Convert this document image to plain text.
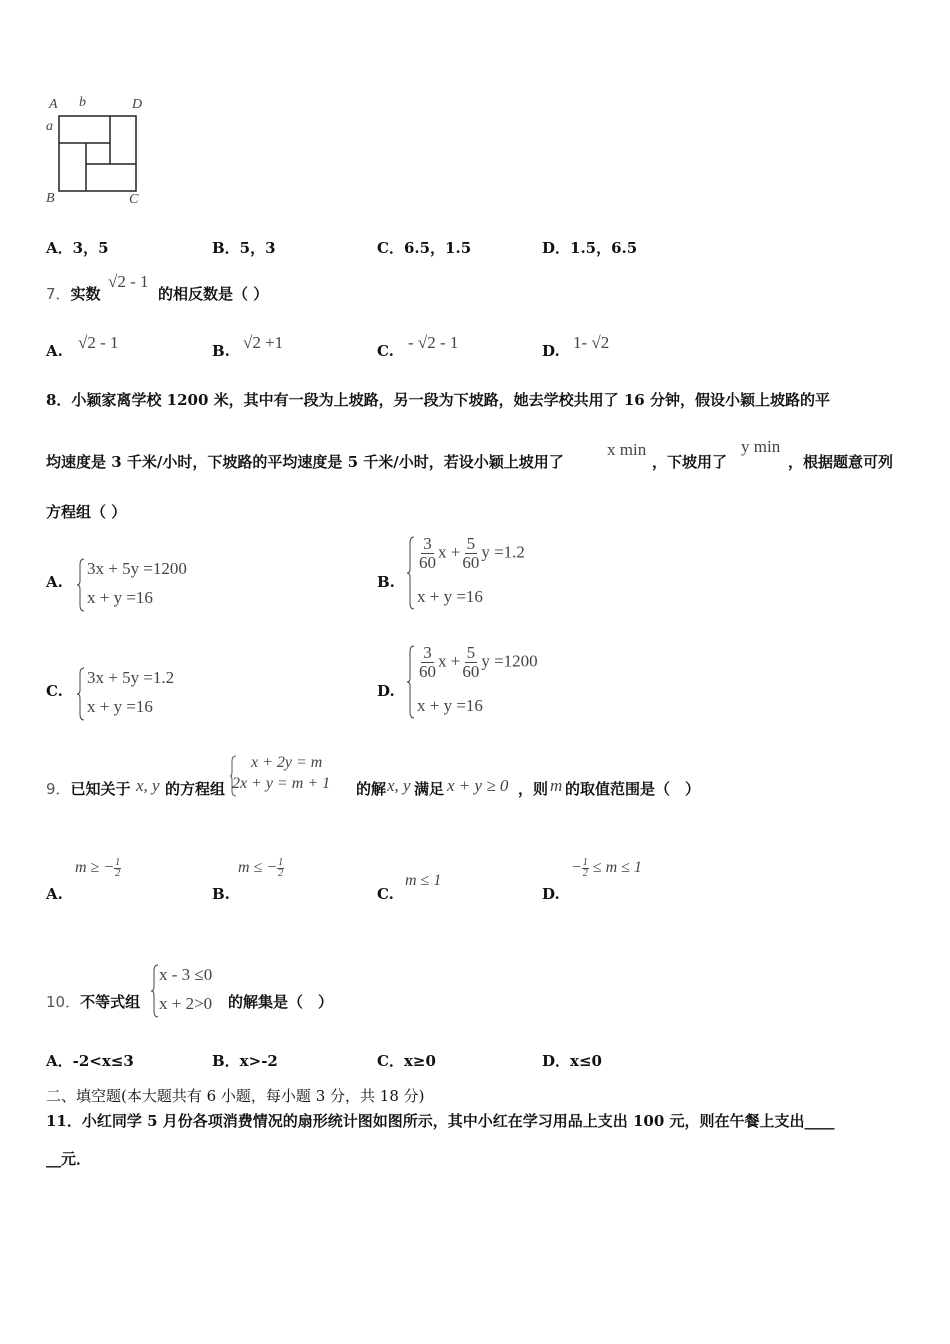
A b	D
a
B	C
A．3，5	B．5，3	C．6.5，1.5	D．1.5，6.5
7．实数
√2 - 1
的相反数是（ ）
A. √2 - 1	B. √2 +1	C. - √2 - 1	D. 1- √2
8．小颖家离学校 1200 米，其中有一段为上坡路，另一段为下坡路，她去学校共用了 16 分钟，假设小颖上坡路的平
均速度是 3 千米/小时，下坡路的平均速度是 5 千米/小时，若设小颖上坡用了
x min
，下坡用了
y min
，根据题意可列
方程组（ ）
A.
3x + 5y =1200
x + y =16
B.
$\frac{3}{60}$ $x + \frac{5}{60}$ y =1.2
x + y =16
C.
3x + 5y =1.2
x + y =16
D.
$\frac{3}{60}$ $x + \frac{5}{60}$ y =1200
x + y =16
9．已知关于 x, y 的方程组
x + 2y = m
2x + y = m + 1 的解 x, y 满足 x + y ≥ 0 ，则 m 的取值范围是（　）
A.
m ≥ − $\frac{1}{2}$
B.
m ≤ − $\frac{1}{2}$
C.
m ≤ 1
D.
− $\frac{1}{2} \le m \le 1$
10．不等式组
x - 3 ≤0
x + 2>0 的解集是（　）
A．-2<x≤3	B．x>-2	C．x≥0	D．x≤0
二、填空题(本大题共有 6 小题，每小题 3 分，共 18 分)
11．小红同学 5 月份各项消费情况的扇形统计图如图所示，其中小红在学习用品上支出 100 元，则在午餐上支出____
__元．
